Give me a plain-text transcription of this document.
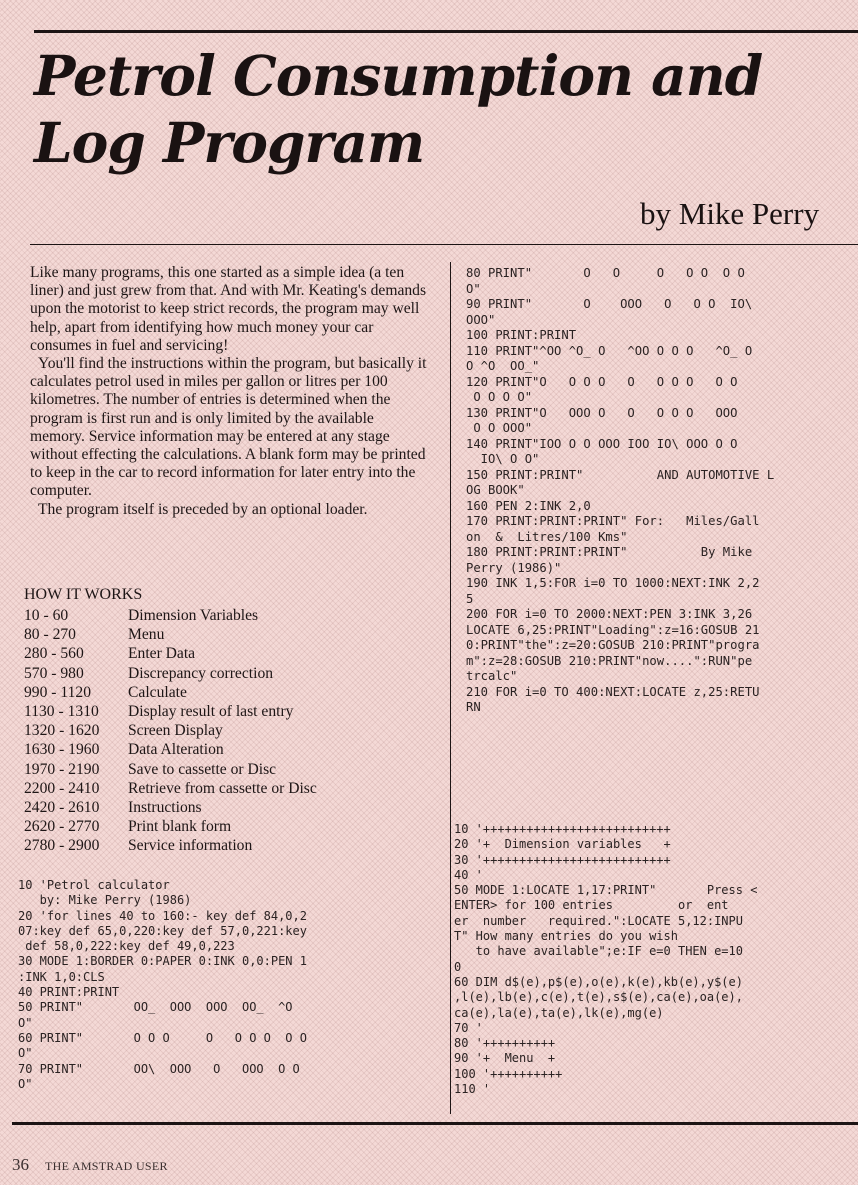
Petrol Consumption and
Log Program
by Mike Perry

Like many programs, this one started as a simple idea (a ten liner) and just grew from that. And with Mr. Keating's demands upon the motorist to keep strict records, the program may well help, apart from identifying how much money your car consumes in fuel and servicing!

You'll find the instructions within the program, but basically it calculates petrol used in miles per gallon or litres per 100 kilometres. The number of entries is determined when the program is first run and is only limited by the available memory. Service information may be entered at any stage without effecting the calculations. A blank form may be printed to keep in the car to record information for later entry into the computer.

The program itself is preceded by an optional loader.

HOW IT WORKS
10 - 60	Dimension Variables
80 - 270	Menu
280 - 560	Enter Data
570 - 980	Discrepancy correction
990 - 1120	Calculate
1130 - 1310	Display result of last entry
1320 - 1620	Screen Display
1630 - 1960	Data Alteration
1970 - 2190	Save to cassette or Disc
2200 - 2410	Retrieve from cassette or Disc
2420 - 2610	Instructions
2620 - 2770	Print blank form
2780 - 2900	Service information
10 'Petrol calculator
by: Mike Perry (1986)
20 'for lines 40 to 160:- key def 84,0,2
07:key def 65,0,220:key def 57,0,221:key
def 58,0,222:key def 49,0,223
30 MODE 1:BORDER 0:PAPER 0:INK 0,0:PEN 1
:INK 1,0:CLS
40 PRINT:PRINT
50 PRINT"       OO_  OOO  OOO  OO_  ^O
O"
60 PRINT"       O O O     O   O O O  O O
O"
70 PRINT"       OO\  OOO   O   OOO  O O
O"
80 PRINT"       O   O     O   O O  O O
O"
90 PRINT"       O    OOO   O   O O  IO\
OOO"
100 PRINT:PRINT
110 PRINT"^OO ^O_ O   ^OO O O O   ^O_ O
O ^O  OO_"
120 PRINT"O   O O O   O   O O O   O O
O O O O"
130 PRINT"O   OOO O   O   O O O   OOO
O O OOO"
140 PRINT"IOO O O OOO IOO IO\ OOO O O
IO\ O O"
150 PRINT:PRINT"          AND AUTOMOTIVE L
OG BOOK"
160 PEN 2:INK 2,0
170 PRINT:PRINT:PRINT" For:   Miles/Gall
on  &  Litres/100 Kms"
180 PRINT:PRINT:PRINT"          By Mike
Perry (1986)"
190 INK 1,5:FOR i=0 TO 1000:NEXT:INK 2,2
5
200 FOR i=0 TO 2000:NEXT:PEN 3:INK 3,26
LOCATE 6,25:PRINT"Loading":z=16:GOSUB 21
0:PRINT"the":z=20:GOSUB 210:PRINT"progra
m":z=28:GOSUB 210:PRINT"now....":RUN"pe
trcalc"
210 FOR i=0 TO 400:NEXT:LOCATE z,25:RETU
RN
10 '++++++++++++++++++++++++++
20 '+  Dimension variables   +
30 '++++++++++++++++++++++++++
40 '
50 MODE 1:LOCATE 1,17:PRINT"       Press <
ENTER> for 100 entries         or  ent
er  number   required.":LOCATE 5,12:INPU
T" How many entries do you wish
to have available";e:IF e=0 THEN e=10
0
60 DIM d$(e),p$(e),o(e),k(e),kb(e),y$(e)
,l(e),lb(e),c(e),t(e),s$(e),ca(e),oa(e),
ca(e),la(e),ta(e),lk(e),mg(e)
70 '
80 '++++++++++
90 '+  Menu  +
100 '++++++++++
110 '
36 THE AMSTRAD USER
